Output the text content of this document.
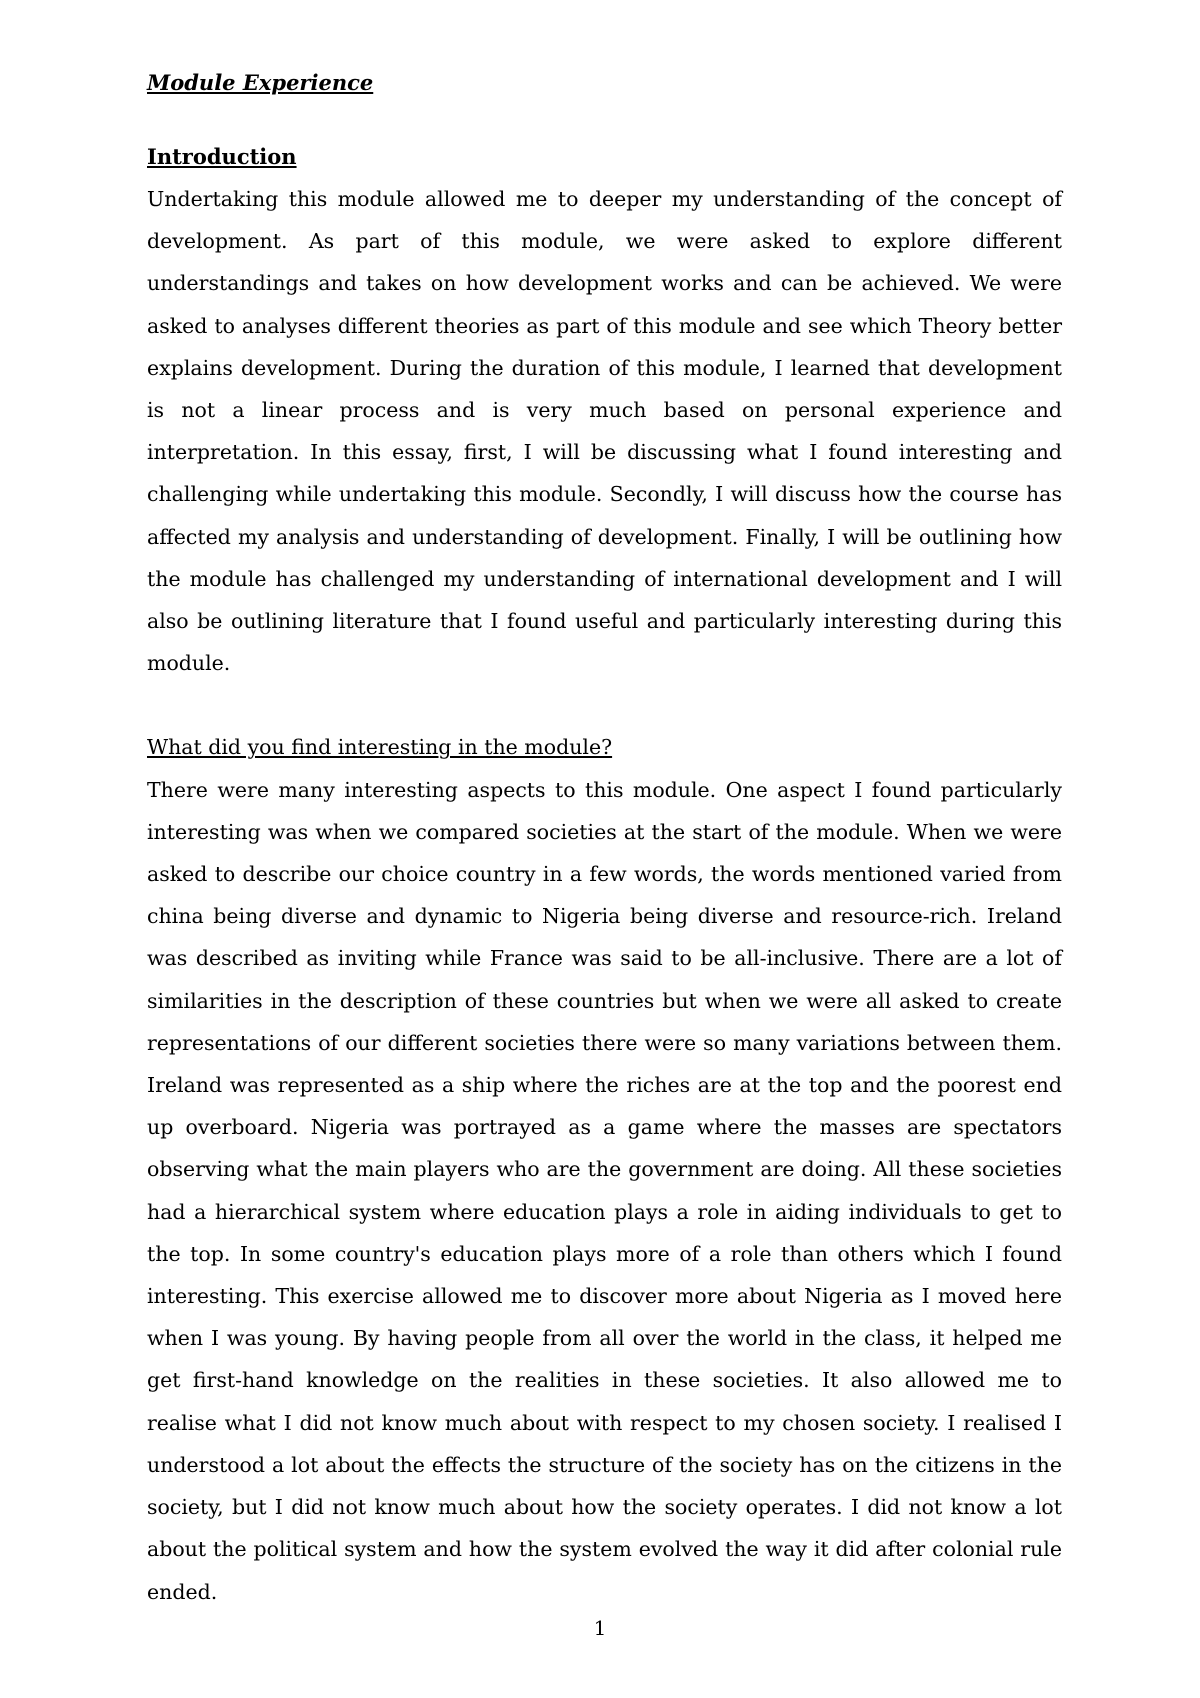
Module Experience
Introduction

Undertaking this module allowed me to deeper my understanding of the concept of development. As part of this module, we were asked to explore different understandings and takes on how development works and can be achieved. We were asked to analyses different theories as part of this module and see which Theory better explains development. During the duration of this module, I learned that development is not a linear process and is very much based on personal experience and interpretation. In this essay, first, I will be discussing what I found interesting and challenging while undertaking this module. Secondly, I will discuss how the course has affected my analysis and understanding of development. Finally, I will be outlining how the module has challenged my understanding of international development and I will also be outlining literature that I found useful and particularly interesting during this module.

What did you find interesting in the module?

There were many interesting aspects to this module. One aspect I found particularly interesting was when we compared societies at the start of the module. When we were asked to describe our choice country in a few words, the words mentioned varied from china being diverse and dynamic to Nigeria being diverse and resource-rich. Ireland was described as inviting while France was said to be all-inclusive. There are a lot of similarities in the description of these countries but when we were all asked to create representations of our different societies there were so many variations between them. Ireland was represented as a ship where the riches are at the top and the poorest end up overboard. Nigeria was portrayed as a game where the masses are spectators observing what the main players who are the government are doing. All these societies had a hierarchical system where education plays a role in aiding individuals to get to the top. In some country's education plays more of a role than others which I found interesting. This exercise allowed me to discover more about Nigeria as I moved here when I was young. By having people from all over the world in the class, it helped me get first-hand knowledge on the realities in these societies. It also allowed me to realise what I did not know much about with respect to my chosen society. I realised I understood a lot about the effects the structure of the society has on the citizens in the society, but I did not know much about how the society operates. I did not know a lot about the political system and how the system evolved the way it did after colonial rule ended.

1
